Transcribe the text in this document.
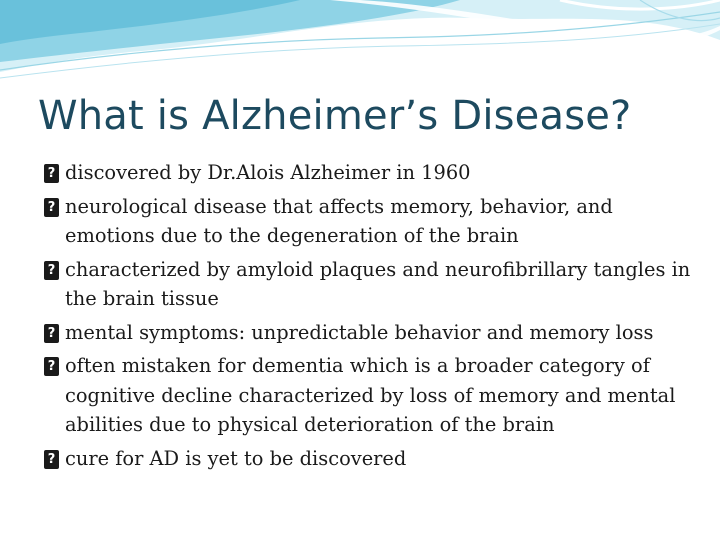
What is Alzheimer’s Disease?
? discovered by Dr.Alois Alzheimer in 1960
? neurological disease that affects memory, behavior, and emotions due to the degeneration of the brain
? characterized by amyloid plaques and neurofibrillary tangles in the brain tissue
? mental symptoms: unpredictable behavior and memory loss
? often mistaken for dementia which is a broader category of cognitive decline characterized by loss of memory and mental abilities due to physical deterioration of the brain
? cure for AD is yet to be discovered
